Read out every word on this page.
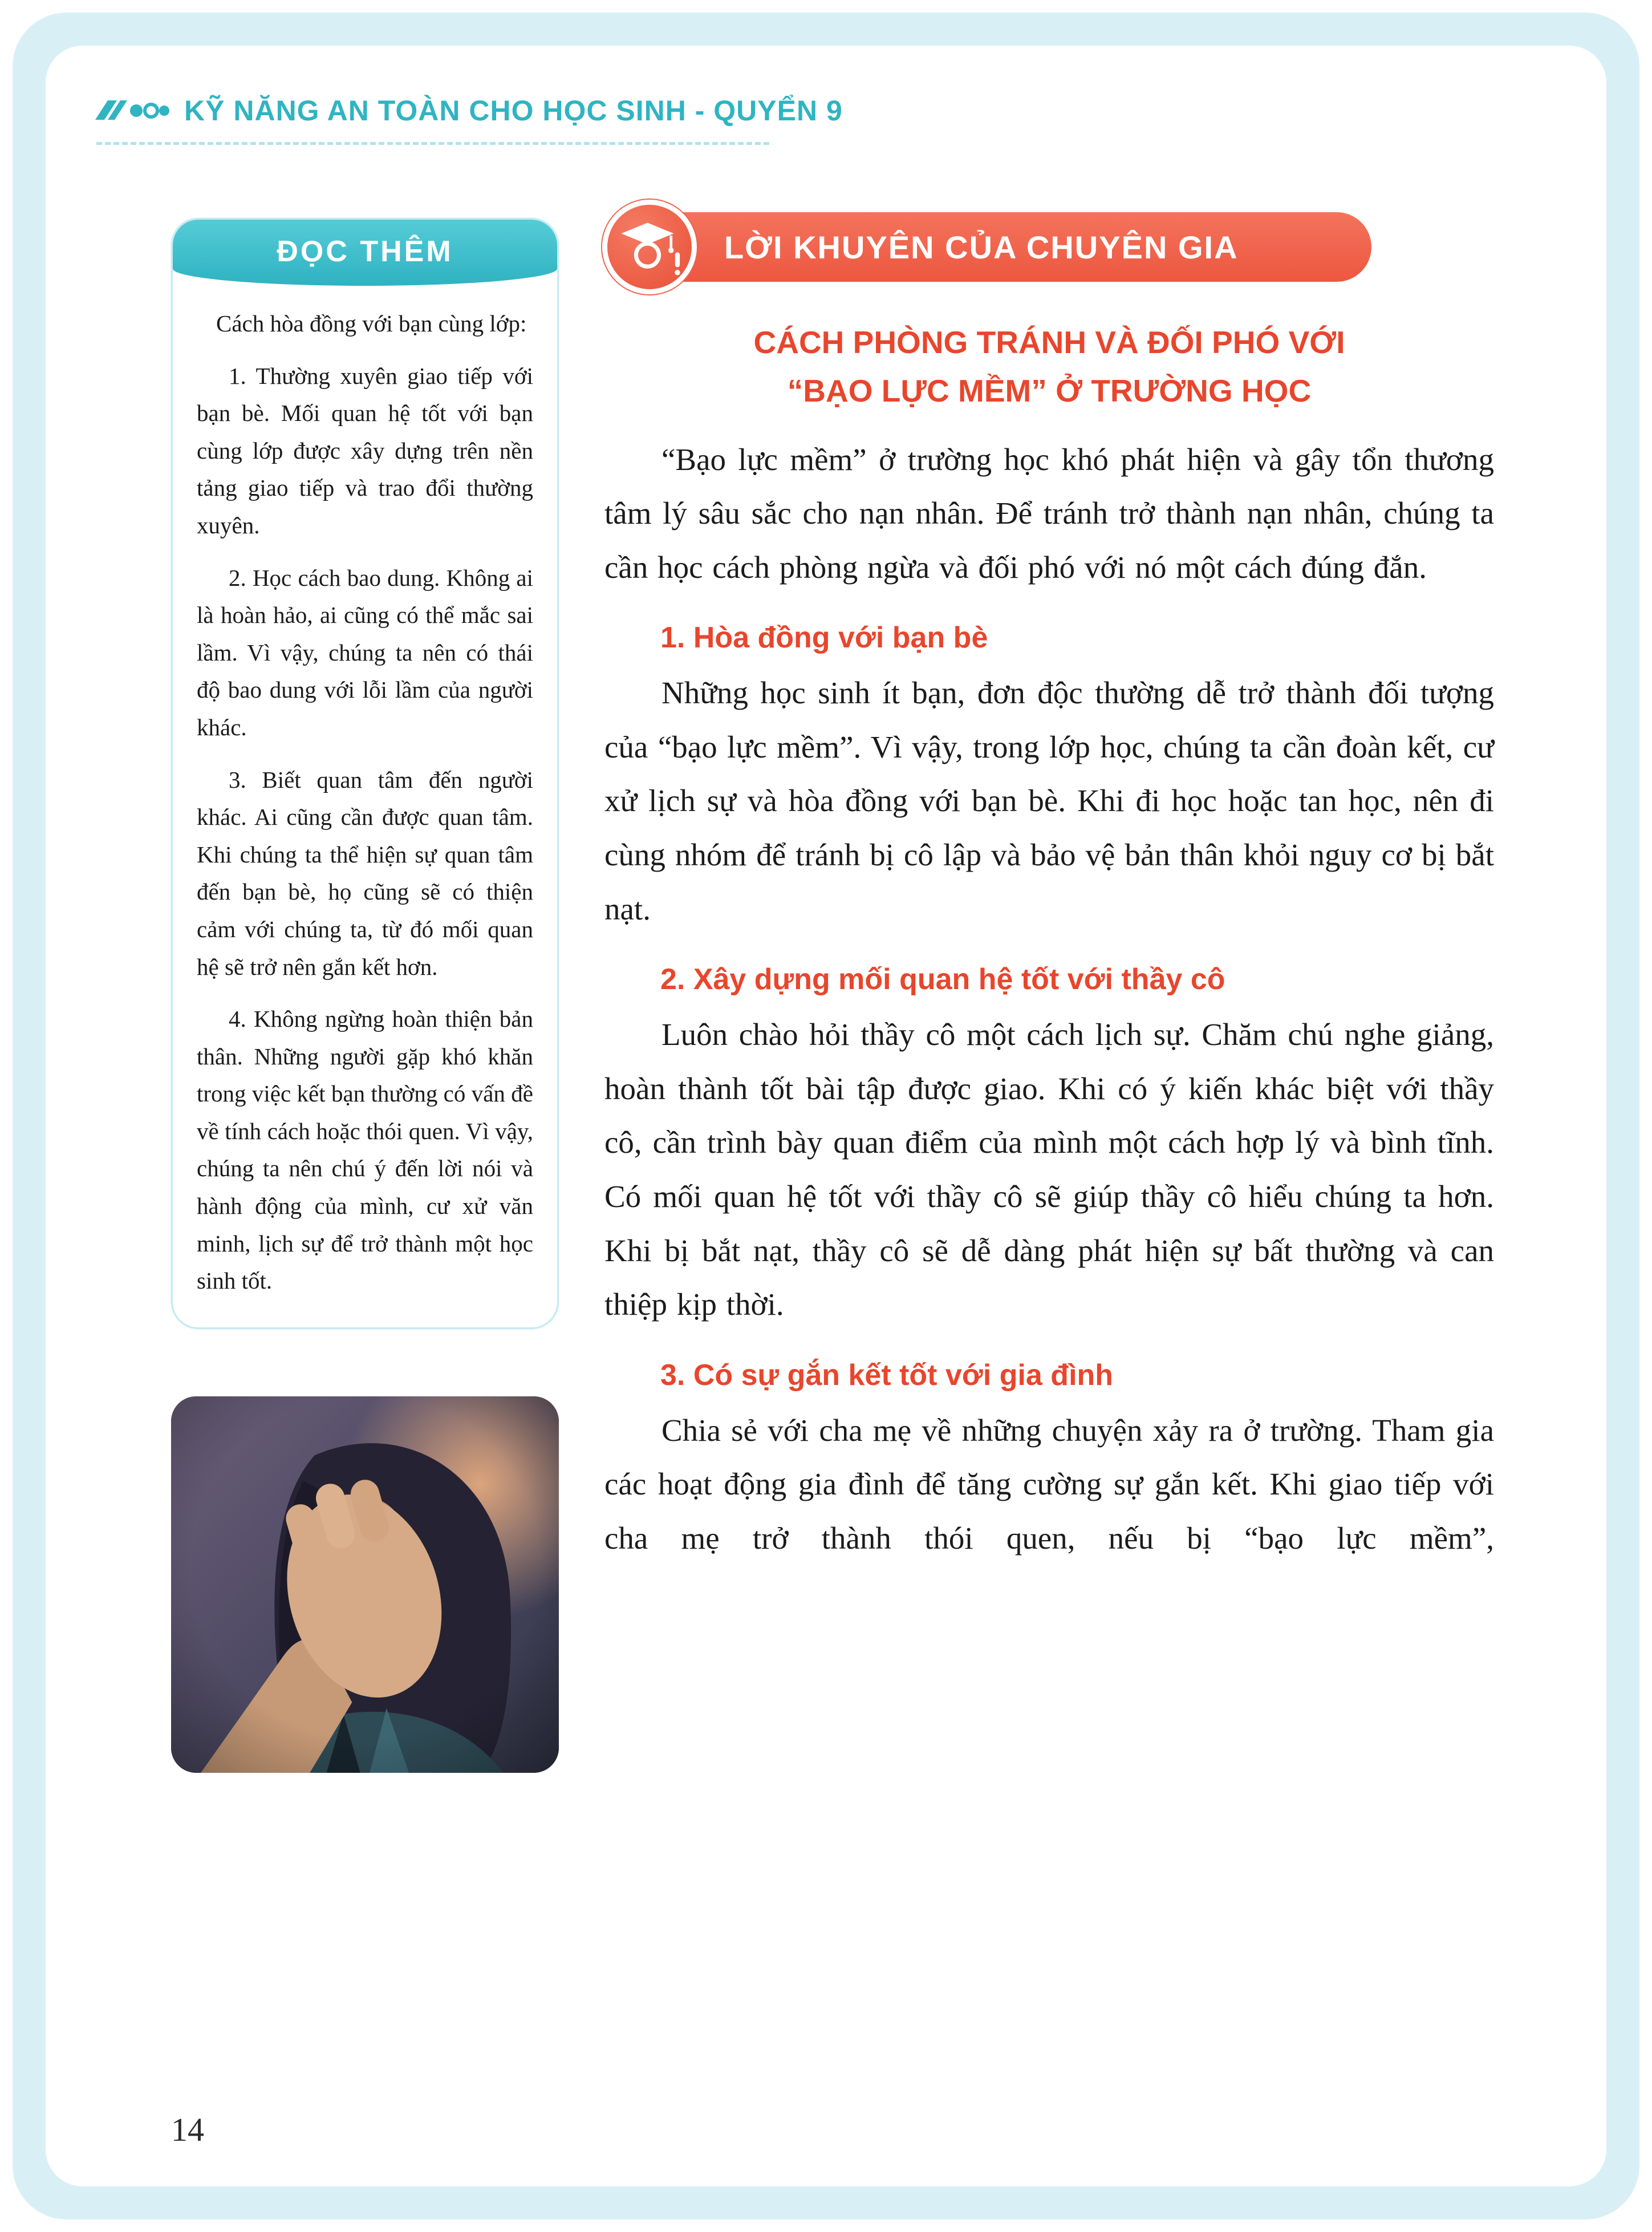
KỸ NĂNG AN TOÀN CHO HỌC SINH - QUYỂN 9
ĐỌC THÊM

Cách hòa đồng với bạn cùng lớp:

1. Thường xuyên giao tiếp với bạn bè. Mối quan hệ tốt với bạn cùng lớp được xây dựng trên nền tảng giao tiếp và trao đổi thường xuyên.

2. Học cách bao dung. Không ai là hoàn hảo, ai cũng có thể mắc sai lầm. Vì vậy, chúng ta nên có thái độ bao dung với lỗi lầm của người khác.

3. Biết quan tâm đến người khác. Ai cũng cần được quan tâm. Khi chúng ta thể hiện sự quan tâm đến bạn bè, họ cũng sẽ có thiện cảm với chúng ta, từ đó mối quan hệ sẽ trở nên gắn kết hơn.

4. Không ngừng hoàn thiện bản thân. Những người gặp khó khăn trong việc kết bạn thường có vấn đề về tính cách hoặc thói quen. Vì vậy, chúng ta nên chú ý đến lời nói và hành động của mình, cư xử văn minh, lịch sự để trở thành một học sinh tốt.

LỜI KHUYÊN CỦA CHUYÊN GIA
CÁCH PHÒNG TRÁNH VÀ ĐỐI PHÓ VỚI
“BẠO LỰC MỀM” Ở TRƯỜNG HỌC

“Bạo lực mềm” ở trường học khó phát hiện và gây tổn thương tâm lý sâu sắc cho nạn nhân. Để tránh trở thành nạn nhân, chúng ta cần học cách phòng ngừa và đối phó với nó một cách đúng đắn.

1. Hòa đồng với bạn bè

Những học sinh ít bạn, đơn độc thường dễ trở thành đối tượng của “bạo lực mềm”. Vì vậy, trong lớp học, chúng ta cần đoàn kết, cư xử lịch sự và hòa đồng với bạn bè. Khi đi học hoặc tan học, nên đi cùng nhóm để tránh bị cô lập và bảo vệ bản thân khỏi nguy cơ bị bắt nạt.

2. Xây dựng mối quan hệ tốt với thầy cô

Luôn chào hỏi thầy cô một cách lịch sự. Chăm chú nghe giảng, hoàn thành tốt bài tập được giao. Khi có ý kiến khác biệt với thầy cô, cần trình bày quan điểm của mình một cách hợp lý và bình tĩnh. Có mối quan hệ tốt với thầy cô sẽ giúp thầy cô hiểu chúng ta hơn. Khi bị bắt nạt, thầy cô sẽ dễ dàng phát hiện sự bất thường và can thiệp kịp thời.

3. Có sự gắn kết tốt với gia đình

Chia sẻ với cha mẹ về những chuyện xảy ra ở trường. Tham gia các hoạt động gia đình để tăng cường sự gắn kết. Khi giao tiếp với cha mẹ trở thành thói quen, nếu bị “bạo lực mềm”,

14
